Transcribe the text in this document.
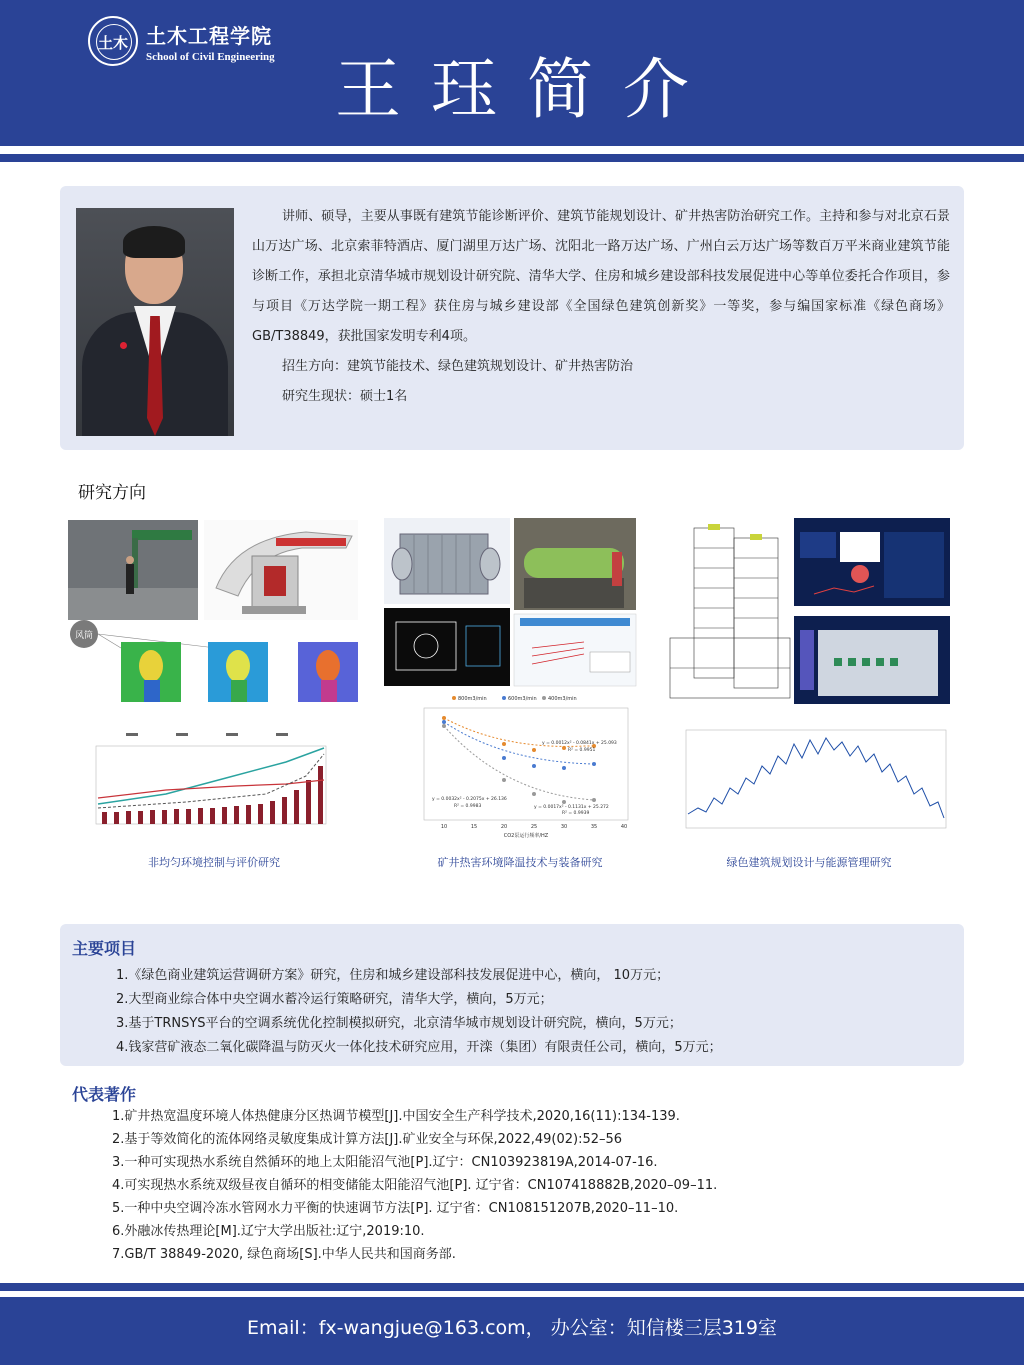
土木 土木工程学院
School of Civil Engineering 王珏简介

讲师、硕导，主要从事既有建筑节能诊断评价、建筑节能规划设计、矿井热害防治研究工作。主持和参与对北京石景山万达广场、北京索菲特酒店、厦门湖里万达广场、沈阳北一路万达广场、广州白云万达广场等数百万平米商业建筑节能诊断工作，承担北京清华城市规划设计研究院、清华大学、住房和城乡建设部科技发展促进中心等单位委托合作项目，参与项目《万达学院一期工程》获住房与城乡建设部《全国绿色建筑创新奖》一等奖，参与编国家标准《绿色商场》GB/T38849，获批国家发明专利4项。

招生方向：建筑节能技术、绿色建筑规划设计、矿井热害防治

研究生现状：硕士1名

研究方向
风筒
非均匀环境控制与评价研究
800m3/min	600m3/min 400m3/min
y = 0.0012x² - 0.0841x + 25.093
R² = 0.9951
y = 0.0017x² - 0.1131x + 25.272
R² = 0.9939
y = 0.0032x² - 0.2075x + 26.136
R² = 0.9983
10	15	20	25	30	35	40
CO2泵运行频率/HZ
矿井热害环境降温技术与装备研究	绿色建筑规划设计与能源管理研究
主要项目
1.《绿色商业建筑运营调研方案》研究，住房和城乡建设部科技发展促进中心，横向， 10万元；
2.大型商业综合体中央空调水蓄冷运行策略研究，清华大学，横向，5万元；
3.基于TRNSYS平台的空调系统优化控制模拟研究，北京清华城市规划设计研究院，横向，5万元；
4.钱家营矿液态二氧化碳降温与防灭火一体化技术研究应用，开滦（集团）有限责任公司，横向，5万元；
代表著作
1.矿井热宽温度环境人体热健康分区热调节模型[J].中国安全生产科学技术,2020,16(11):134-139.
2.基于等效简化的流体网络灵敏度集成计算方法[J].矿业安全与环保,2022,49(02):52–56
3.一种可实现热水系统自然循环的地上太阳能沼气池[P].辽宁：CN103923819A,2014-07-16.
4.可实现热水系统双级昼夜自循环的相变储能太阳能沼气池[P]. 辽宁省：CN107418882B,2020–09–11.
5.一种中央空调冷冻水管网水力平衡的快速调节方法[P]. 辽宁省：CN108151207B,2020–11–10.
6.外融冰传热理论[M].辽宁大学出版社:辽宁,2019:10.
7.GB/T 38849-2020, 绿色商场[S].中华人民共和国商务部.
Email：fx-wangjue@163.com， 办公室：知信楼三层319室
